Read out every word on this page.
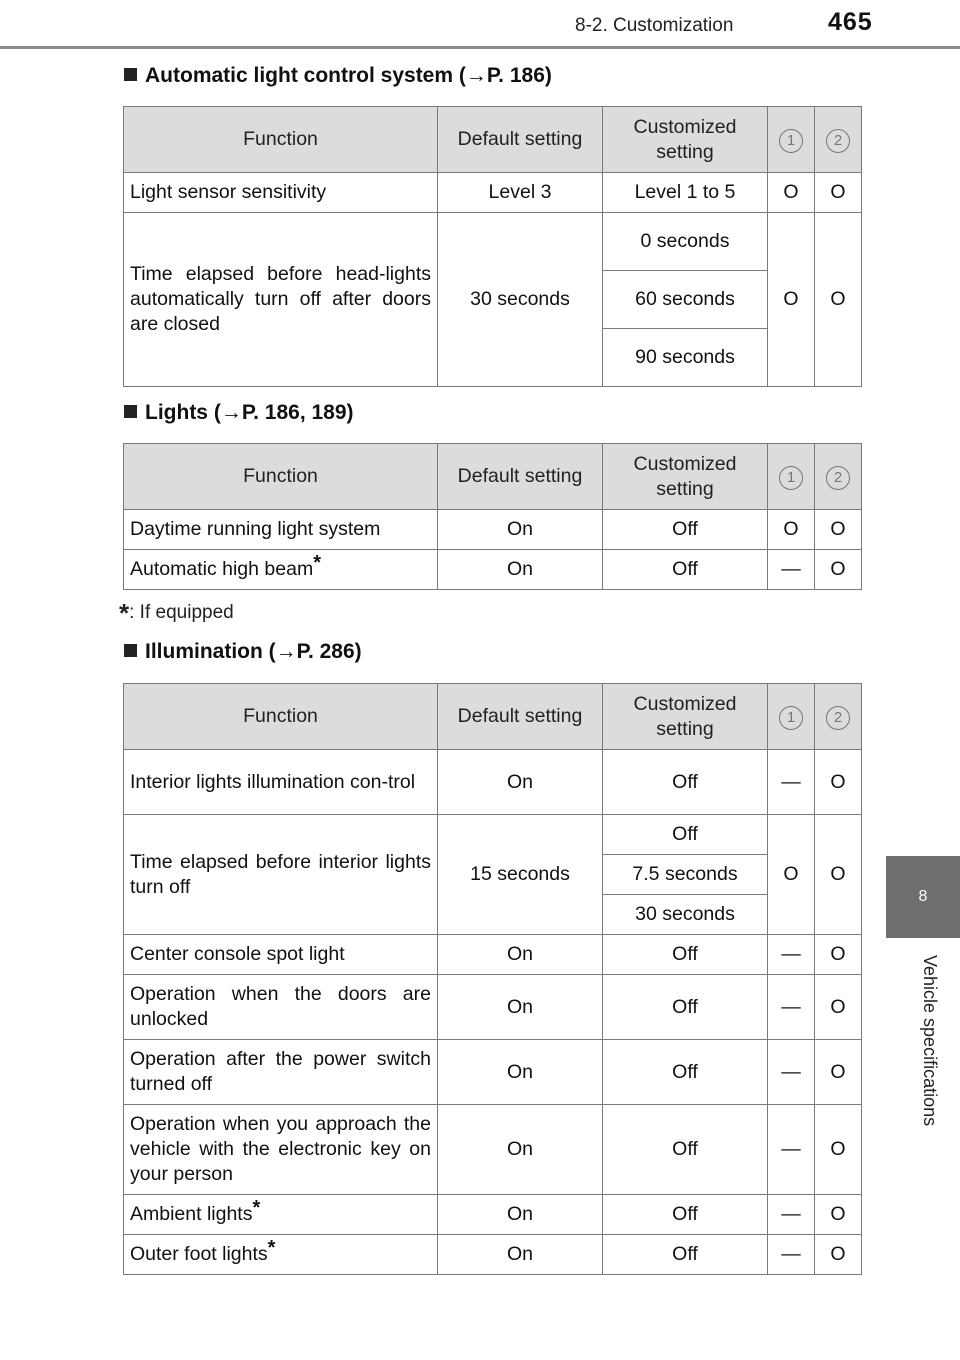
8-2. Customization	465
8
Vehicle specifications
Automatic light control system (→P. 186)
Function	Default setting	Customized setting	1	2
Light sensor sensitivity	Level 3	Level 1 to 5	O	O
Time elapsed before head-lights automatically turn off after doors are closed	30 seconds	0 seconds	O	O
		60 seconds		
		90 seconds		
Lights (→P. 186, 189)
Function	Default setting	Customized setting	1	2
Daytime running light system	On	Off	O	O
Automatic high beam*	On	Off	—	O
*: If equipped
Illumination (→P. 286)
Function	Default setting	Customized setting	1	2
Interior lights illumination con-trol	On	Off	—	O
Time elapsed before interior lights turn off	15 seconds	Off	O	O
		7.5 seconds		
		30 seconds		
Center console spot light	On	Off	—	O
Operation when the doors are unlocked	On	Off	—	O
Operation after the power switch turned off	On	Off	—	O
Operation when you approach the vehicle with the electronic key on your person	On	Off	—	O
Ambient lights*	On	Off	—	O
Outer foot lights*	On	Off	—	O
